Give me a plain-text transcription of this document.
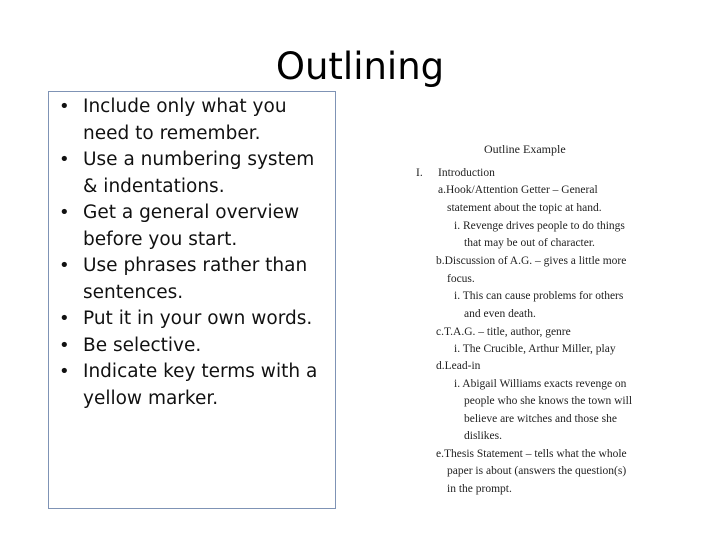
Outlining
• Include only what you
need to remember.
• Use a numbering system
& indentations.
• Get a general overview
before you start.
• Use phrases rather than
sentences.
• Put it in your own words.
• Be selective.
• Indicate key terms with a
yellow marker.
Outline Example
I. Introduction
a.Hook/Attention Getter – General
statement about the topic at hand.
i. Revenge drives people to do things
that may be out of character.
b.Discussion of A.G. – gives a little more
focus.
i. This can cause problems for others
and even death.
c.T.A.G. – title, author, genre
i. The Crucible, Arthur Miller, play
d.Lead-in
i. Abigail Williams exacts revenge on
people who she knows the town will
believe are witches and those she
dislikes.
e.Thesis Statement – tells what the whole
paper is about (answers the question(s)
in the prompt.
